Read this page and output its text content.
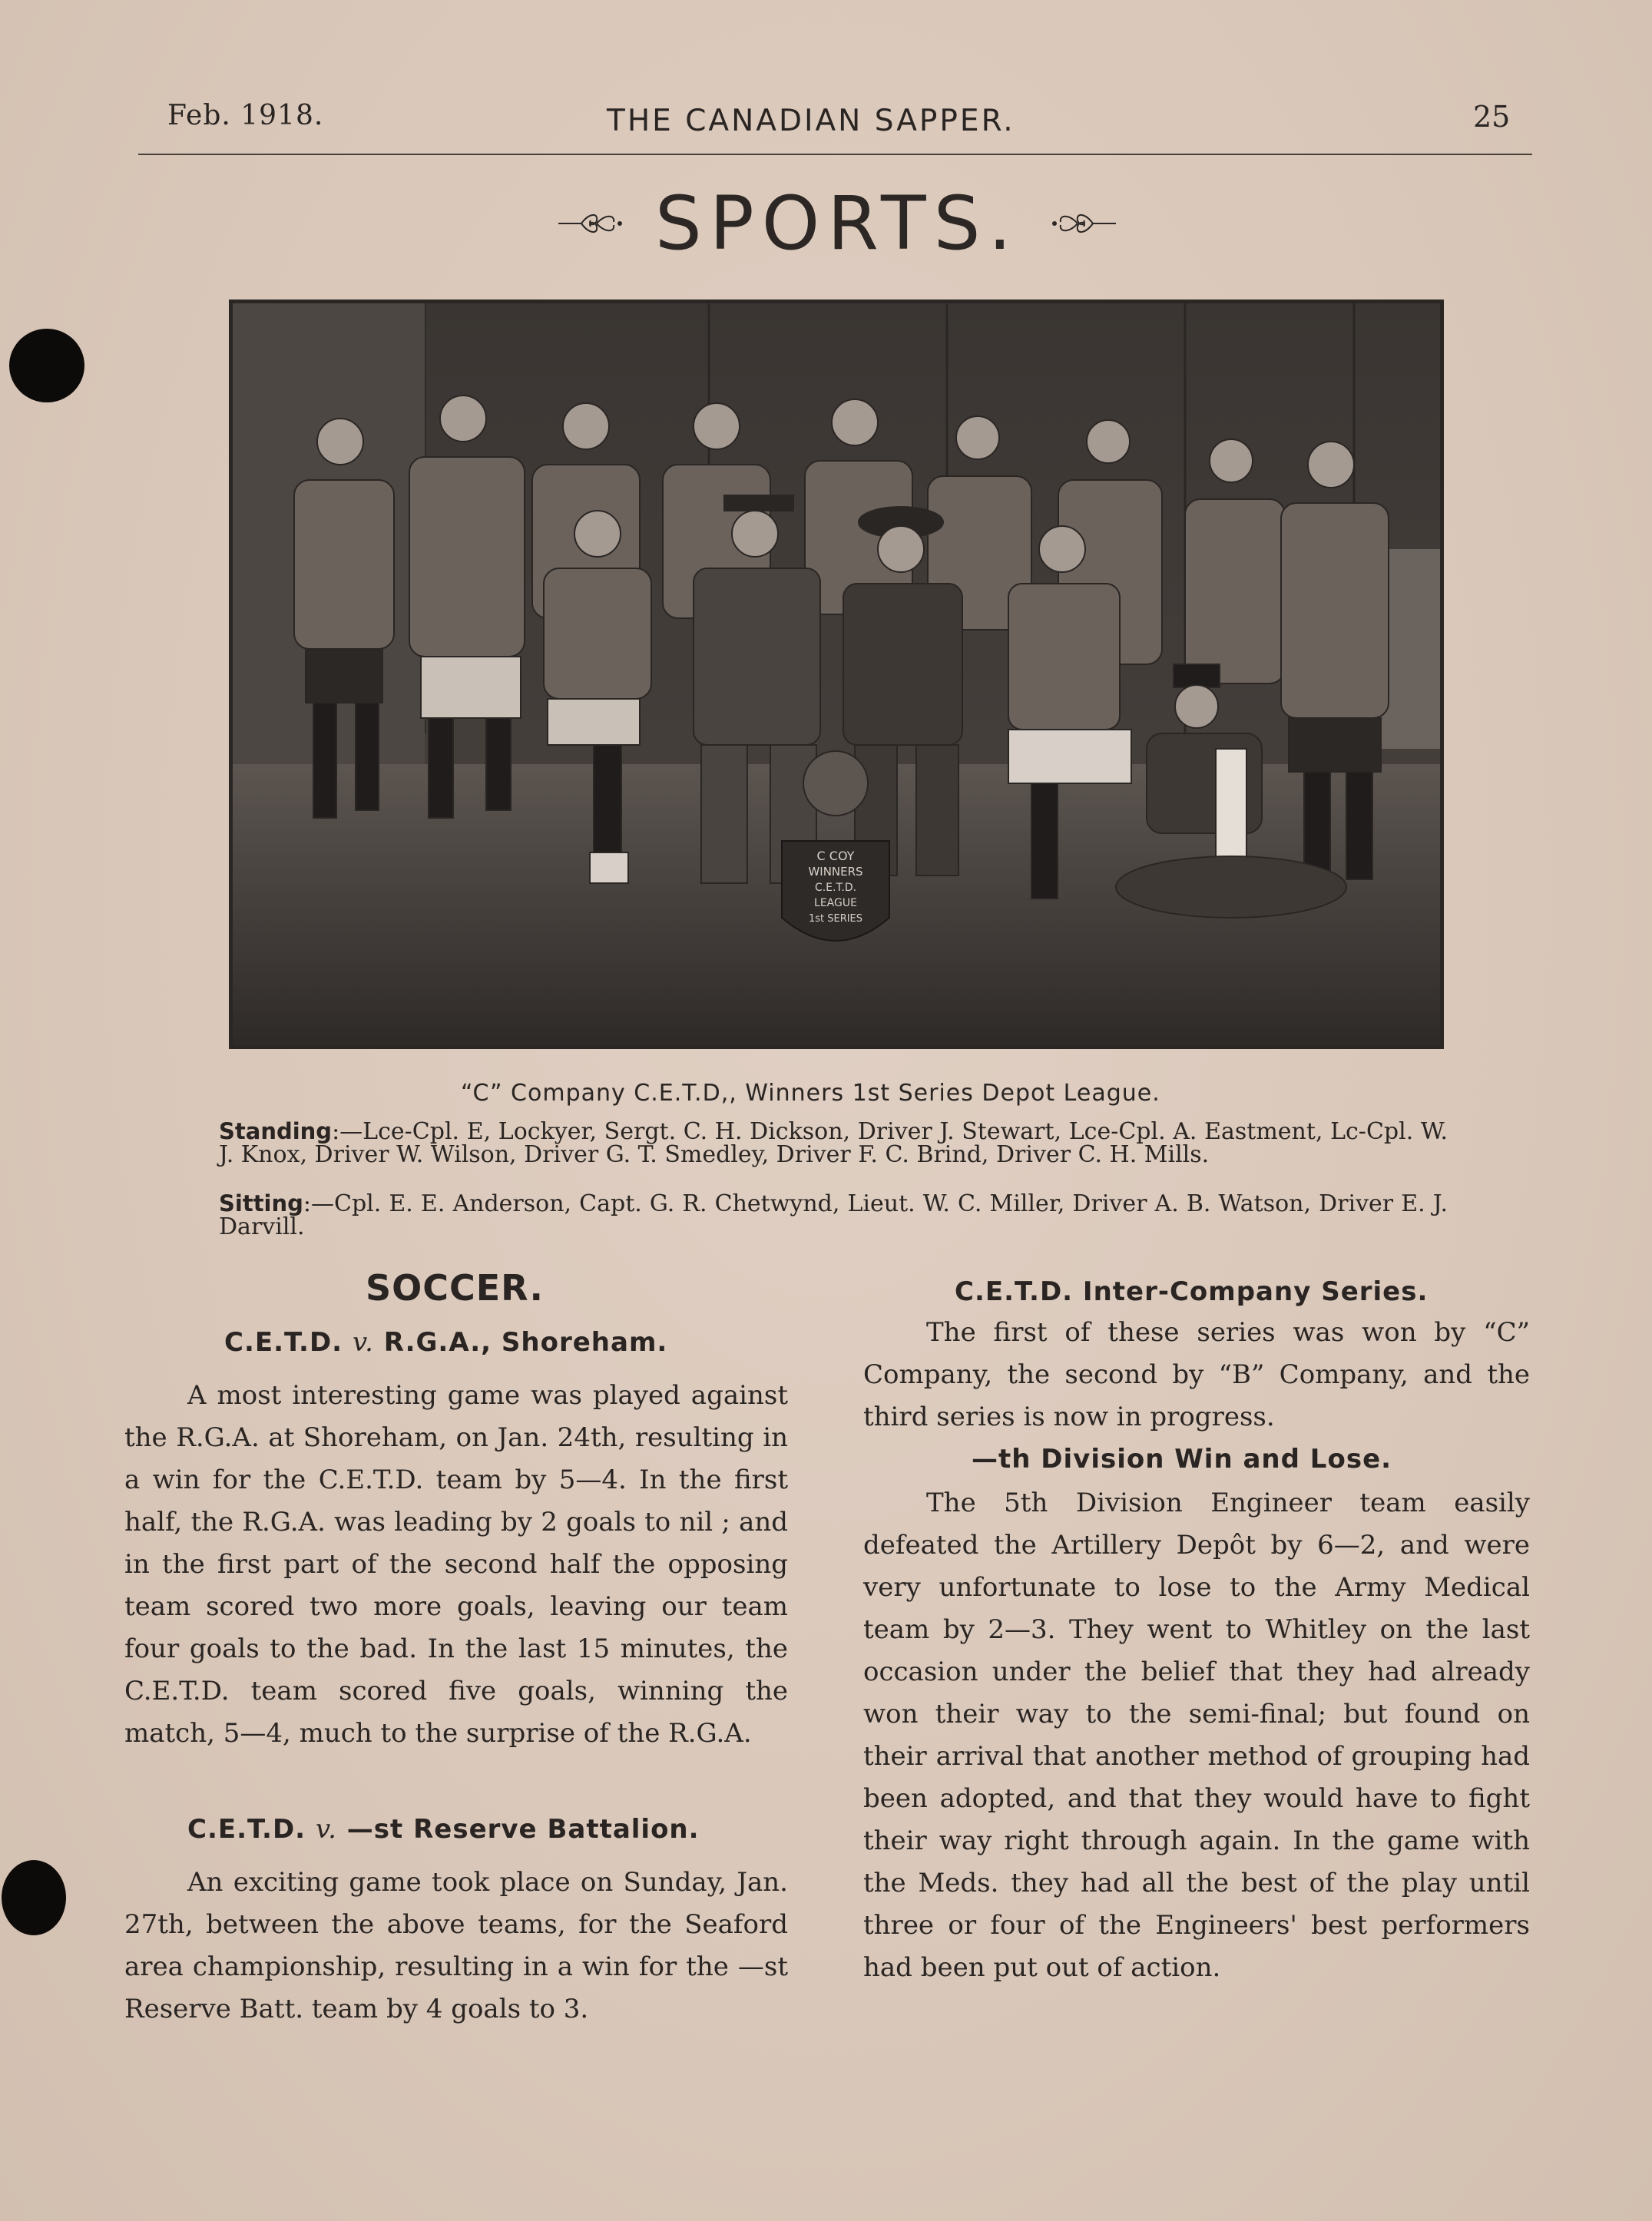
Feb. 1918.	THE CANADIAN SAPPER.	25
SPORTS.
C COY
WINNERS
C.E.T.D.
LEAGUE
1st SERIES
“C” Company C.E.T.D,, Winners 1st Series Depot League.
Standing:—Lce-Cpl. E, Lockyer, Sergt. C. H. Dickson, Driver J. Stewart, Lce-Cpl. A. Eastment, Lc-Cpl. W. J. Knox, Driver W. Wilson, Driver G. T. Smedley, Driver F. C. Brind, Driver C. H. Mills.
Sitting:—Cpl. E. E. Anderson, Capt. G. R. Chetwynd, Lieut. W. C. Miller, Driver A. B. Watson, Driver E. J. Darvill.
SOCCER.
C.E.T.D. v. R.G.A., Shoreham.

A most interesting game was played against the R.G.A. at Shoreham, on Jan. 24th, resulting in a win for the C.E.T.D. team by 5—4. In the first half, the R.G.A. was leading by 2 goals to nil ; and in the first part of the second half the opposing team scored two more goals, leaving our team four goals to the bad. In the last 15 minutes, the C.E.T.D. team scored five goals, winning the match, 5—4, much to the surprise of the R.G.A.

C.E.T.D. v. —st Reserve Battalion.

An exciting game took place on Sunday, Jan. 27th, between the above teams, for the Seaford area championship, resulting in a win for the —st Reserve Batt. team by 4 goals to 3.

C.E.T.D. Inter-Company Series.

The first of these series was won by “C” Company, the second by “B” Company, and the third series is now in progress.

—th Division Win and Lose.

The 5th Division Engineer team easily defeated the Artillery Depôt by 6—2, and were very unfortunate to lose to the Army Medical team by 2—3. They went to Whitley on the last occasion under the belief that they had already won their way to the semi-final; but found on their arrival that another method of grouping had been adopted, and that they would have to fight their way right through again. In the game with the Meds. they had all the best of the play until three or four of the Engineers' best performers had been put out of action.
